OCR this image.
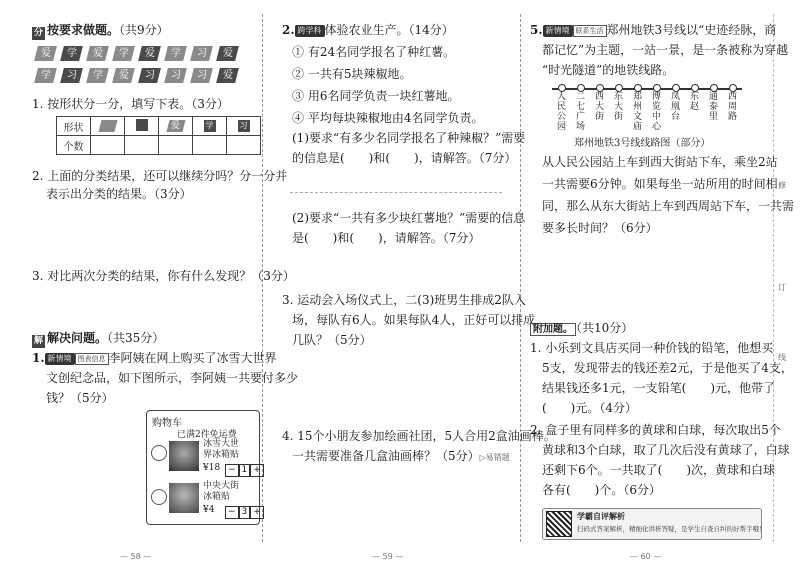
分 按要求做题。（共9分）
爱	学	爱	学	爱	学	习	爱
学	习	学	爱	习	习	习	爱
1. 按形状分一分，填写下表。（3分）
形状			爱	学	习
个数					
2. 上面的分类结果，还可以继续分吗？分一分并
表示出分类的结果。（3分）
3. 对比两次分类的结果，你有什么发现？（3分）
解 解决问题。（共35分）
1. 新情境 图表信息 李阿姨在网上购买了冰雪大世界
文创纪念品，如下图所示，李阿姨一共要付多少
钱？（5分）
购物车
已满2件免运费
冰雪大世
界冰箱贴
¥18 − 1 +
中央大街
冰箱贴
¥4	− 3 +
— 58 —
2. 跨学科 体验农业生产。（14分）
① 有24名同学报名了种红薯。
② 一共有5块辣椒地。
③ 用6名同学负责一块红薯地。
④ 平均每块辣椒地由4名同学负责。
(1)要求“有多少名同学报名了种辣椒？”需要
的信息是(　　)和(　　)，请解答。（7分）
(2)要求“一共有多少块红薯地？”需要的信息
是(　　)和(　　)，请解答。（7分）
3. 运动会入场仪式上，二(3)班男生排成2队入
场，每队有6人。如果每队4人，正好可以排成
几队？（5分）
4. 15个小朋友参加绘画社团，5人合用2盒油画棒。
一共需要准备几盒油画棒？（5分）▷易错题
— 59 —
5. 新情境 联系生活 郑州地铁3号线以“史迹经脉，商
都记忆”为主题，一站一景，是一条被称为穿越
“时光隧道”的地铁线路。
人民公园
二七广场
西大街
东大街
郑州文庙
博览中心
凤凰台
东赵
通泰里
西周路
郑州地铁3号线线路图（部分）
从人民公园站上车到西大街站下车，乘坐2站
一共需要6分钟。如果每坐一站所用的时间相
同，那么从东大街站上车到西周站下车，一共需
要多长时间？（6分）
附加题。 （共10分）
1. 小乐到文具店买同一种价钱的铅笔，他想买
5支，发现带去的钱还差2元，于是他买了4支，
结果钱还多1元，一支铅笔(　　)元，他带了
(　　)元。（4分）
2. 盒子里有同样多的黄球和白球，每次取出5个
黄球和3个白球，取了几次后没有黄球了，白球
还剩下6个。一共取了(　　)次，黄球和白球
各有(　　)个。（6分）
学霸自评解析
扫码式答案解析，精细化讲析答疑，是学生自查自纠的好帮手哦！
— 60 —
修
订
线
